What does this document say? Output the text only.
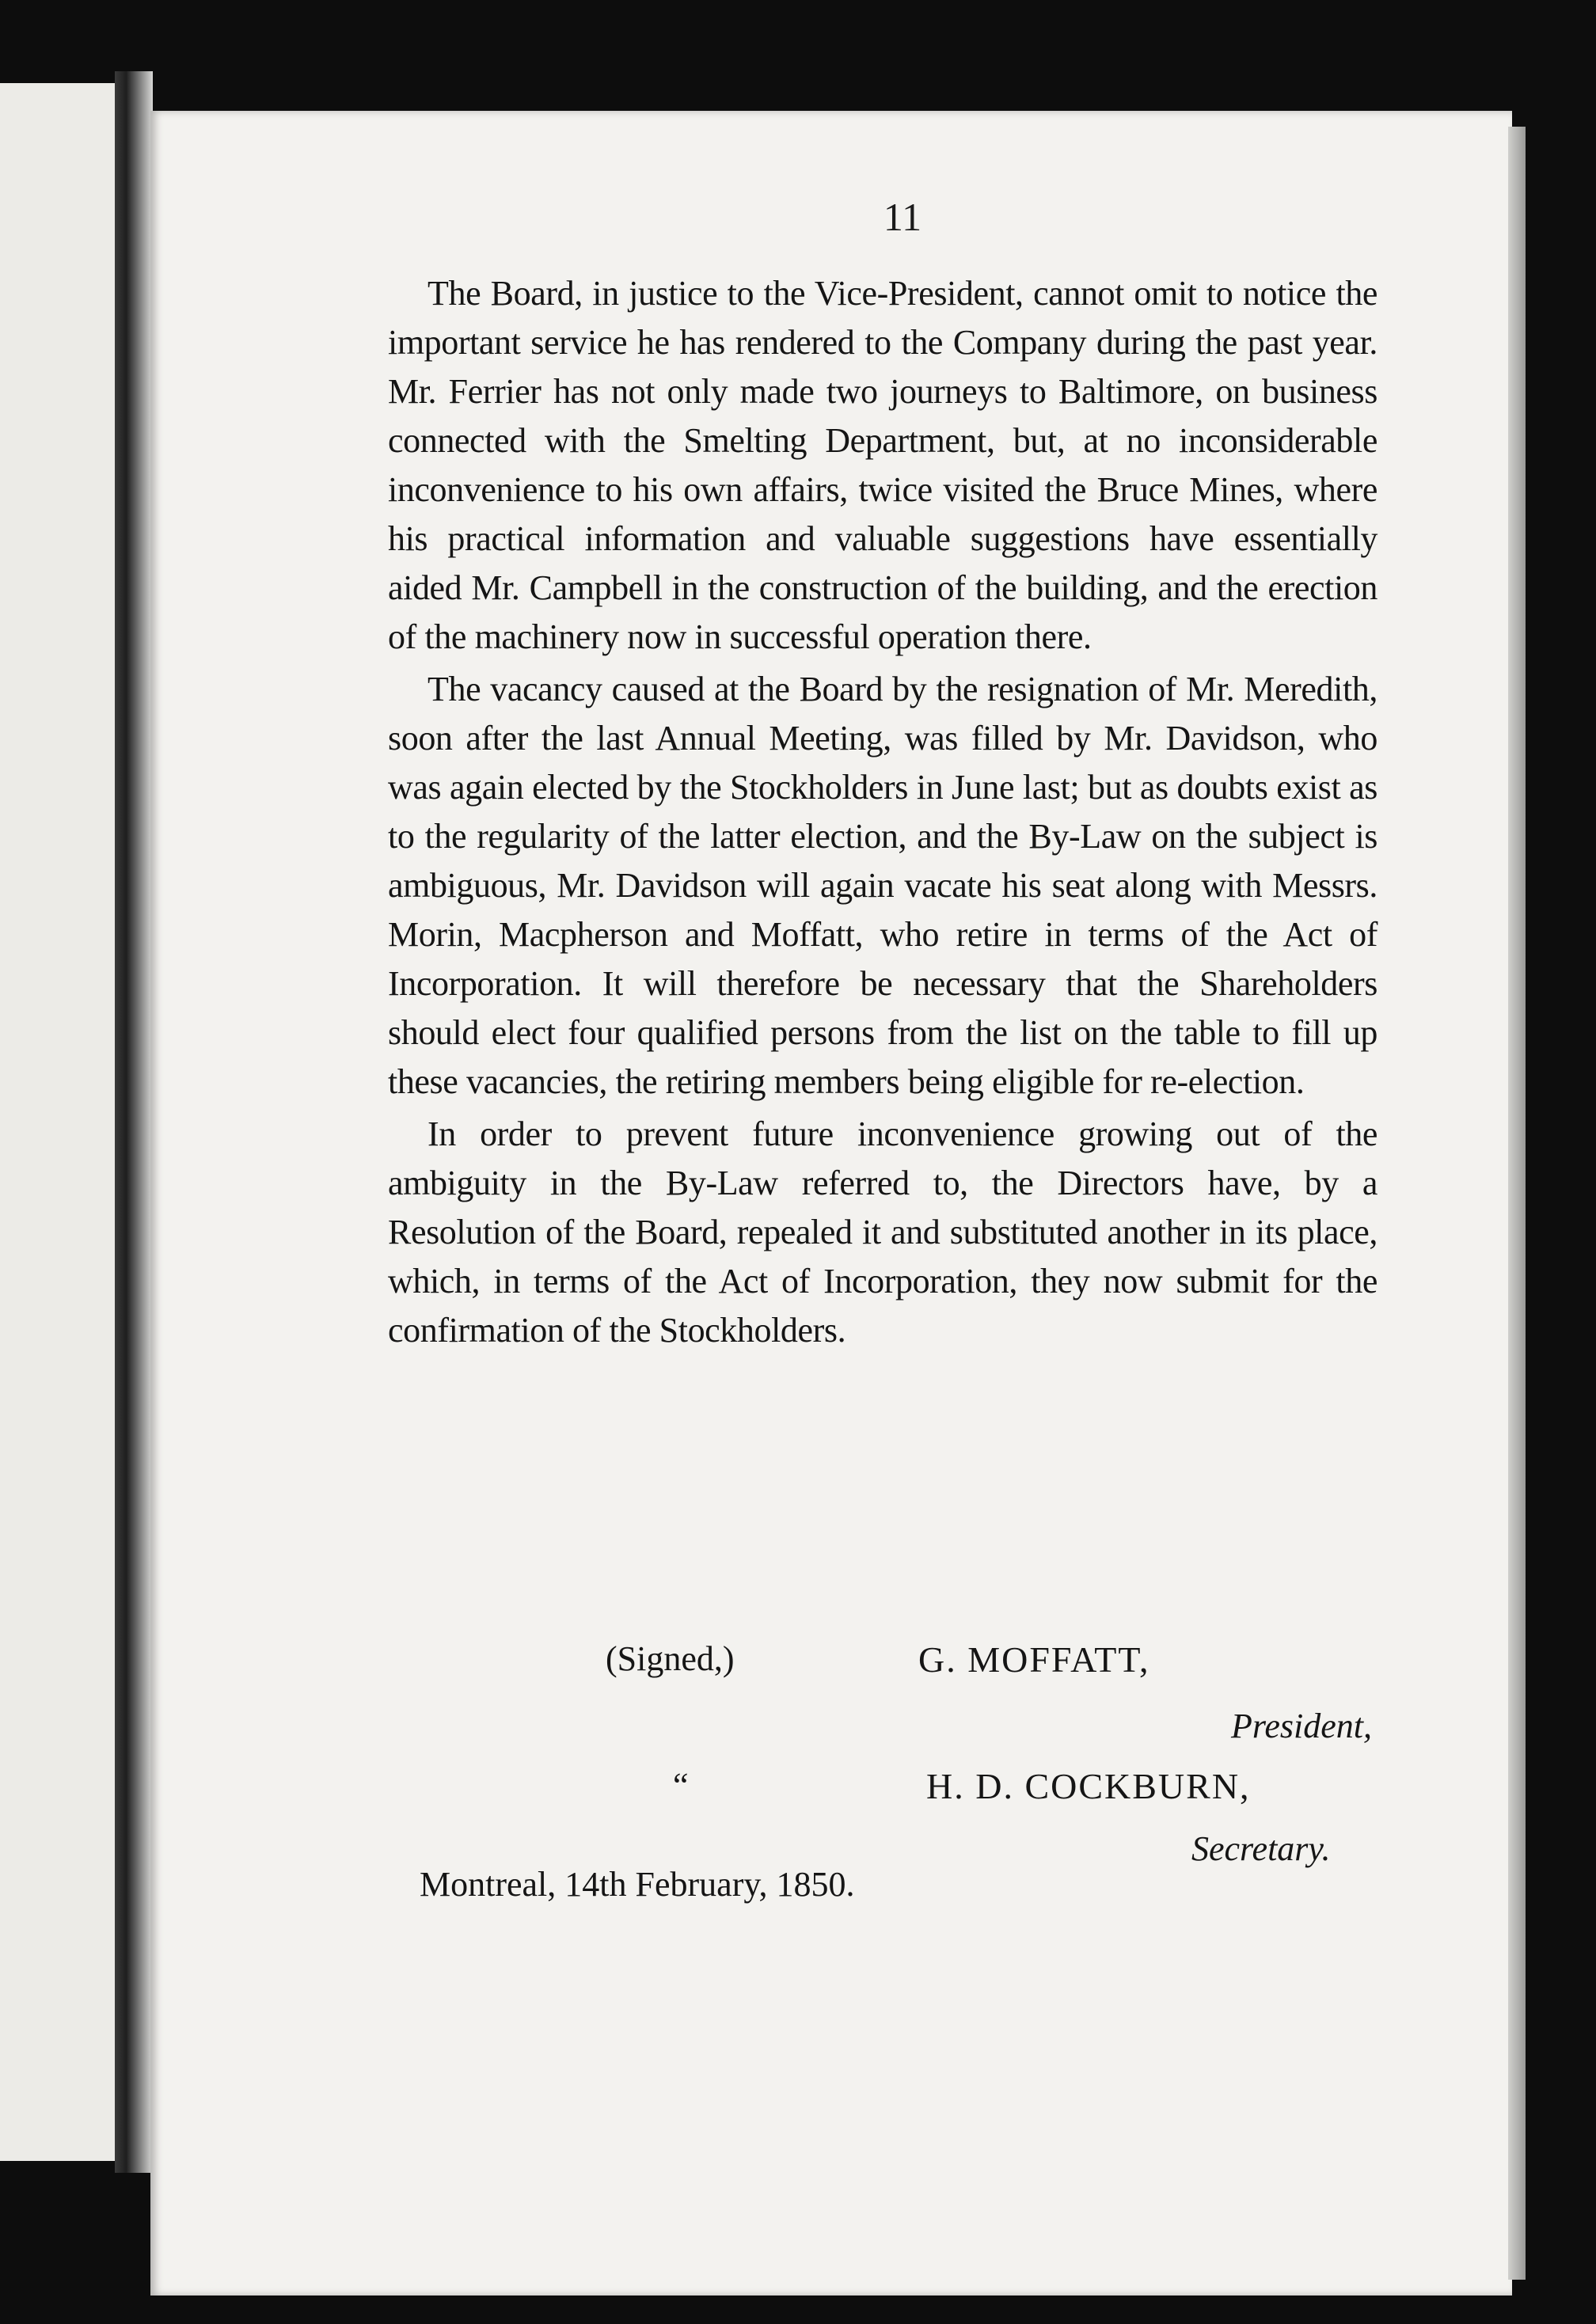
11

The Board, in justice to the Vice-President, cannot omit to notice the important service he has rendered to the Company during the past year. Mr. Ferrier has not only made two journeys to Baltimore, on business connected with the Smelting Department, but, at no inconsiderable inconvenience to his own affairs, twice visited the Bruce Mines, where his practical information and valuable suggestions have essentially aided Mr. Campbell in the construction of the building, and the erection of the machinery now in successful operation there.

The vacancy caused at the Board by the resignation of Mr. Meredith, soon after the last Annual Meeting, was filled by Mr. Davidson, who was again elected by the Stockholders in June last; but as doubts exist as to the regularity of the latter election, and the By-Law on the subject is ambiguous, Mr. Davidson will again vacate his seat along with Messrs. Morin, Macpherson and Moffatt, who retire in terms of the Act of Incorporation. It will therefore be necessary that the Shareholders should elect four qualified persons from the list on the table to fill up these vacancies, the retiring members being eligible for re-election.

In order to prevent future inconvenience growing out of the ambiguity in the By-Law referred to, the Directors have, by a Resolution of the Board, repealed it and substituted another in its place, which, in terms of the Act of Incorporation, they now submit for the confirmation of the Stockholders.

(Signed,)	G. MOFFATT,
President,
“	H. D. COCKBURN,
Secretary.
Montreal, 14th February, 1850.
